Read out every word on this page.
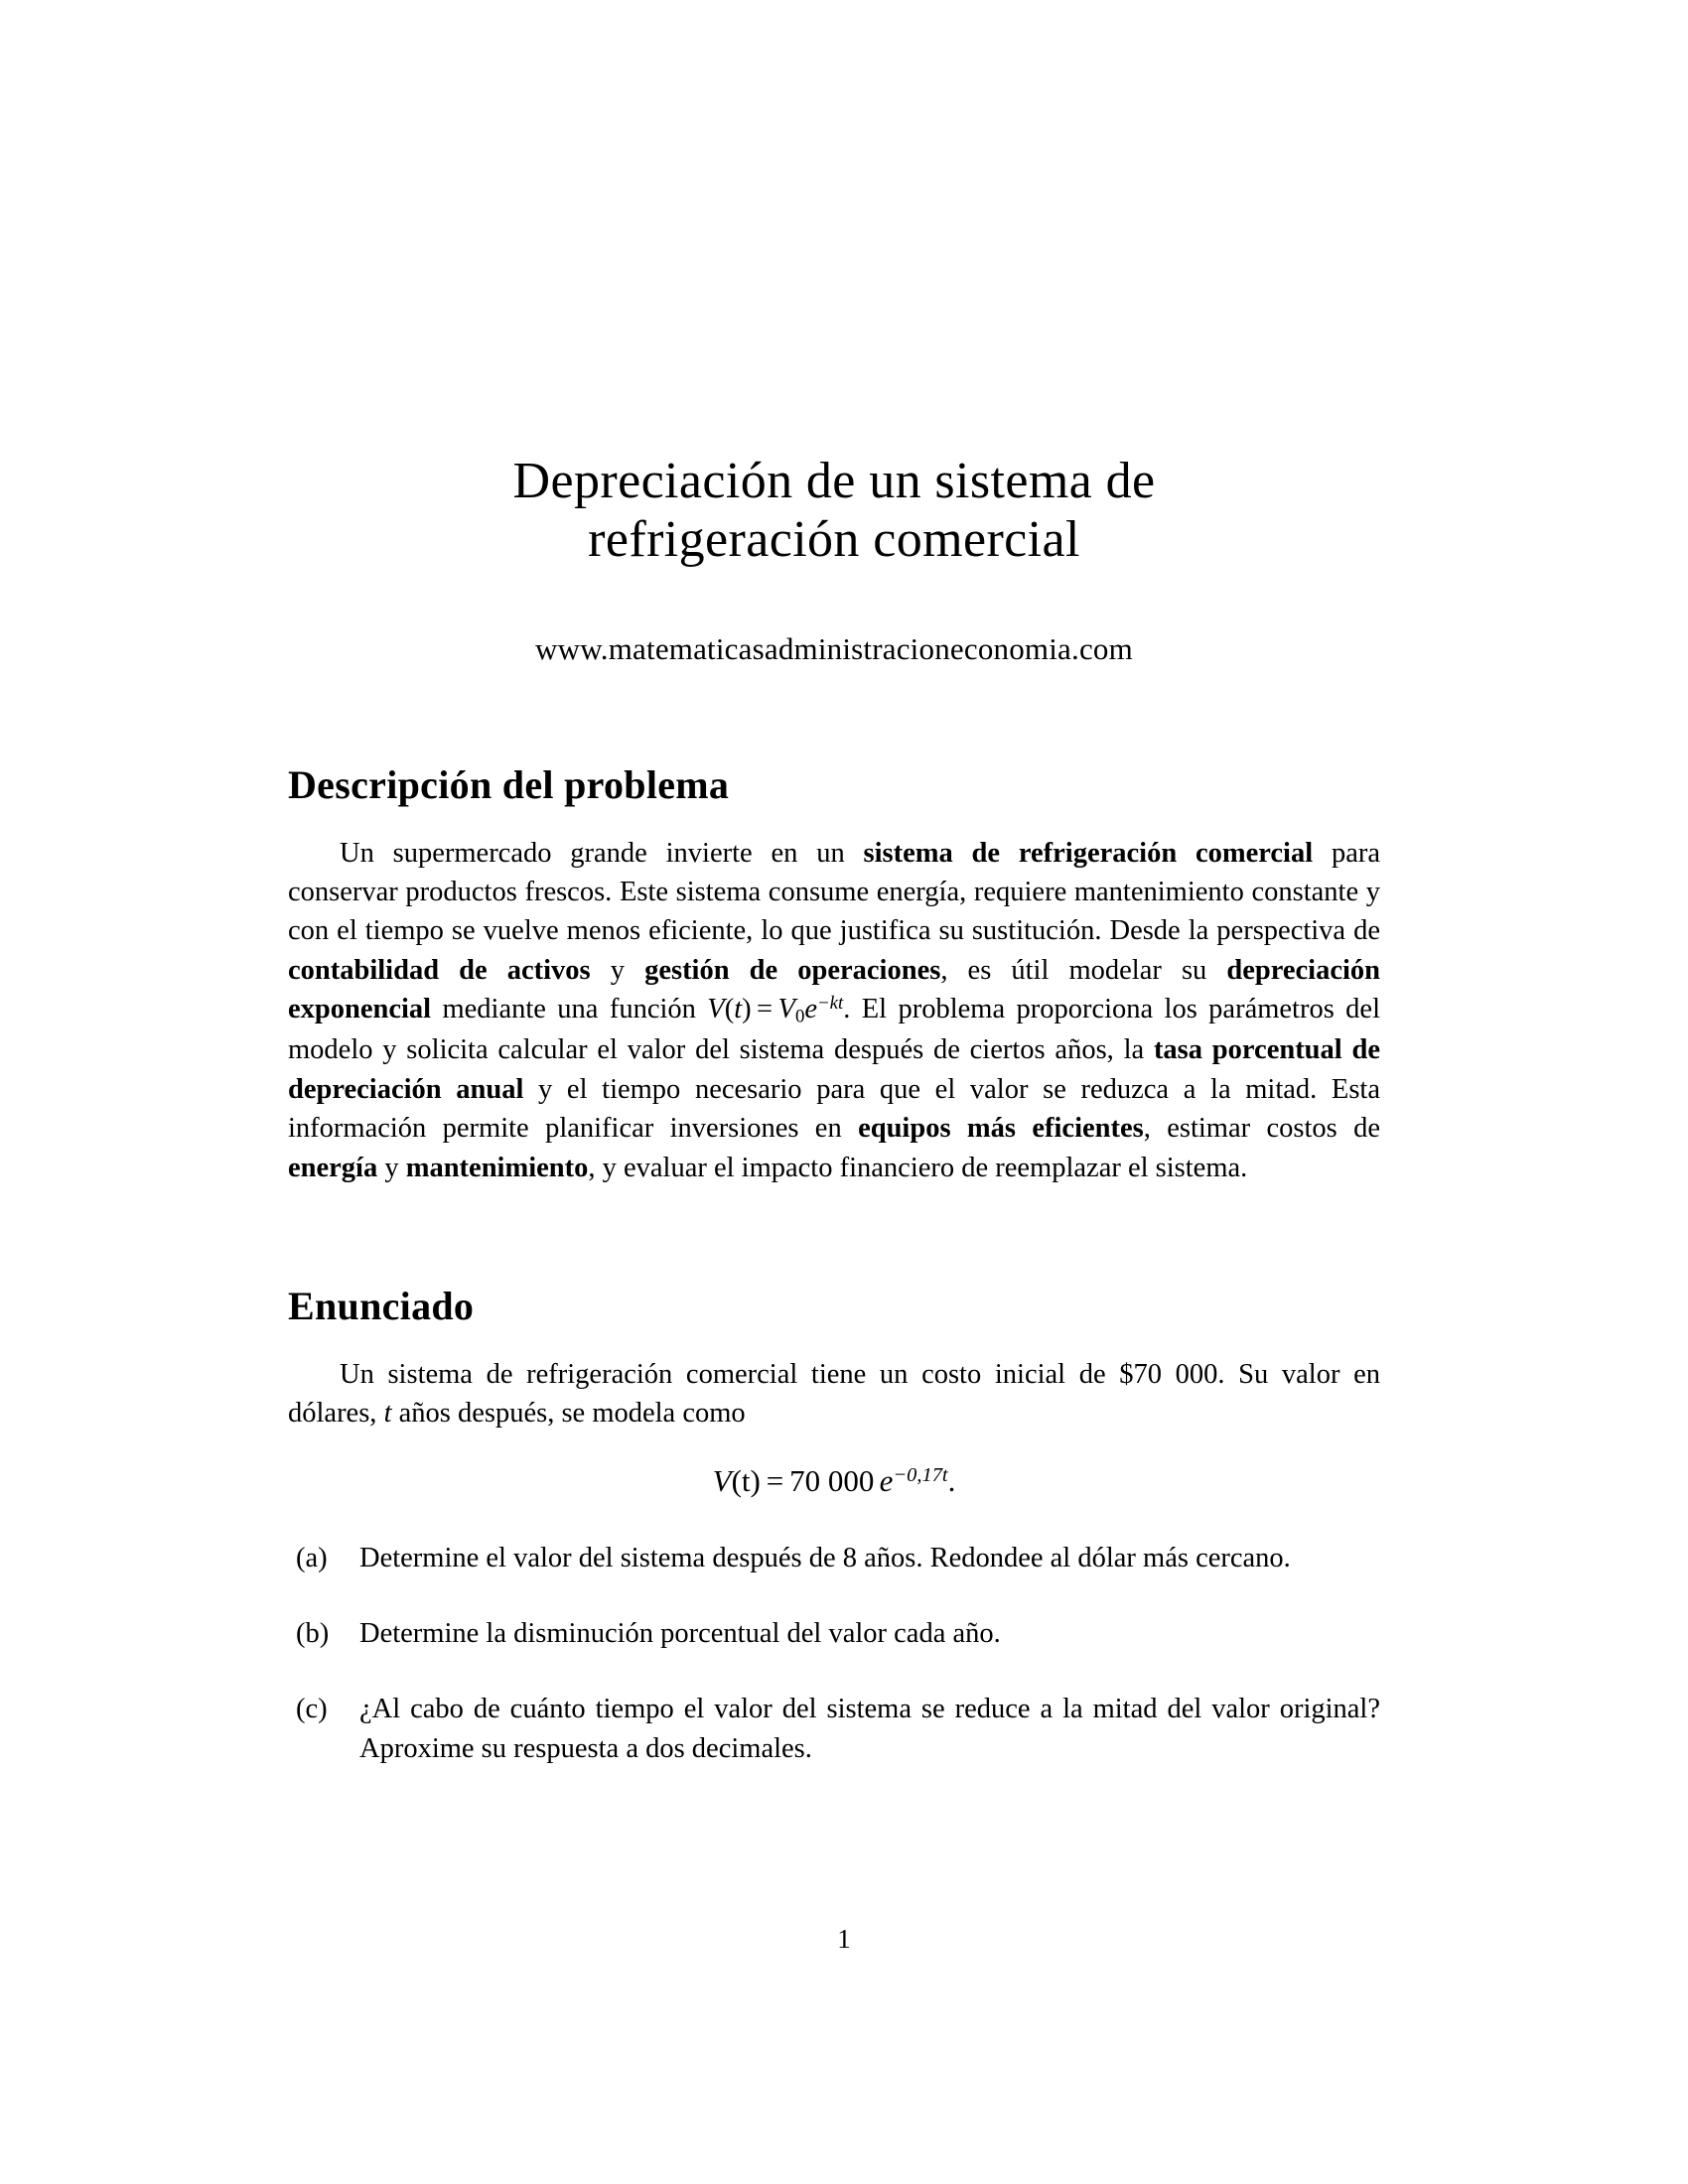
Depreciación de un sistema de
refrigeración comercial
www.matematicasadministracioneconomia.com
Descripción del problema

Un supermercado grande invierte en un sistema de refrigeración comercial para conservar productos frescos. Este sistema consume energía, requiere mantenimiento constante y con el tiempo se vuelve menos eficiente, lo que justifica su sustitución. Desde la perspectiva de contabilidad de activos y gestión de operaciones, es útil modelar su depreciación exponencial mediante una función $V(t) = V_0e^{-kt}$. El problema proporciona los parámetros del modelo y solicita calcular el valor del sistema después de ciertos años, la tasa porcentual de depreciación anual y el tiempo necesario para que el valor se reduzca a la mitad. Esta información permite planificar inversiones en equipos más eficientes, estimar costos de energía y mantenimiento, y evaluar el impacto financiero de reemplazar el sistema.

Enunciado

Un sistema de refrigeración comercial tiene un costo inicial de $70 000. Su valor en dólares, t años después, se modela como

V(t) = 70 000 $e^{-0,17t}$.
(a)	Determine el valor del sistema después de 8 años. Redondee al dólar más cercano.
(b)	Determine la disminución porcentual del valor cada año.
(c)	¿Al cabo de cuánto tiempo el valor del sistema se reduce a la mitad del valor original? Aproxime su respuesta a dos decimales.
1
